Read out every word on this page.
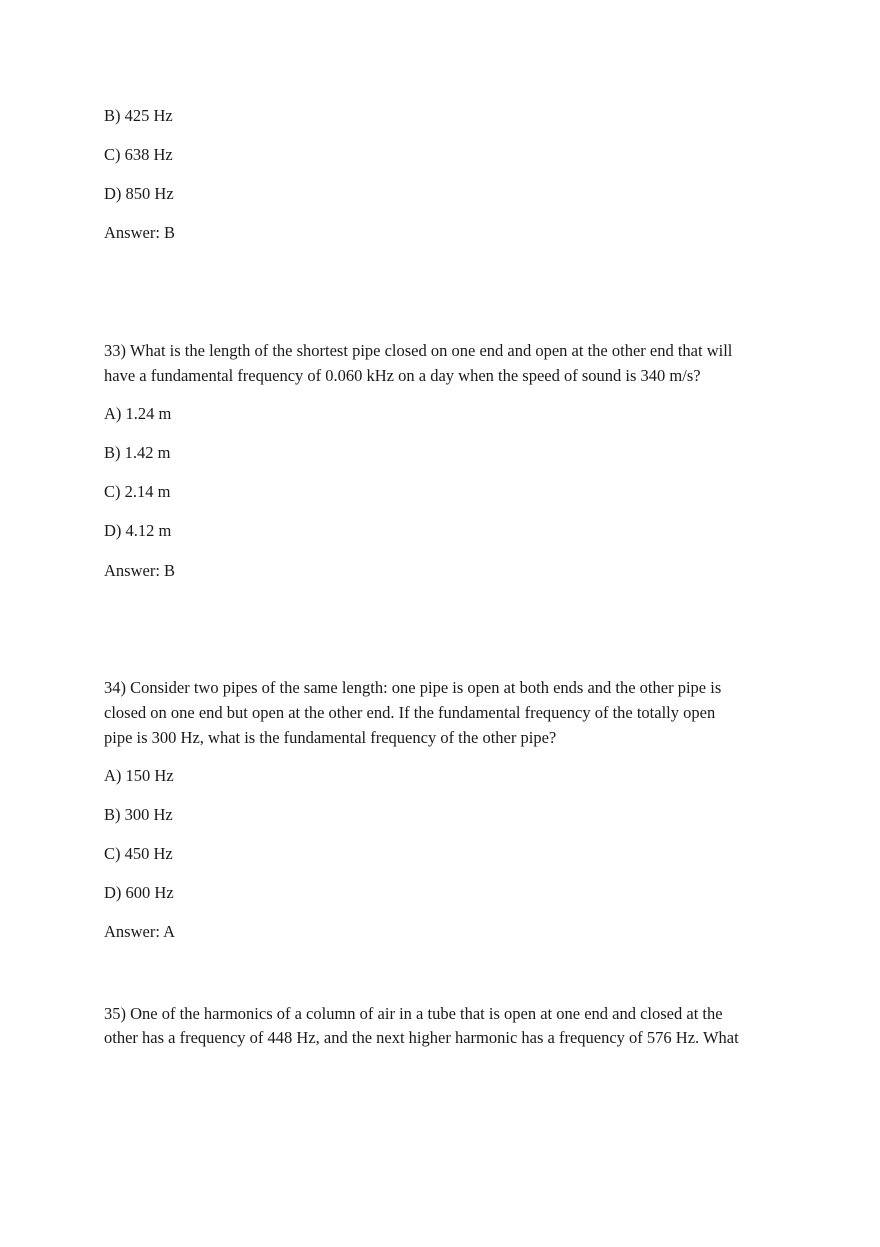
B) 425 Hz
C) 638 Hz
D) 850 Hz
Answer: B
33) What is the length of the shortest pipe closed on one end and open at the other end that will
have a fundamental frequency of 0.060 kHz on a day when the speed of sound is 340 m/s?
A) 1.24 m
B) 1.42 m
C) 2.14 m
D) 4.12 m
Answer: B
34) Consider two pipes of the same length: one pipe is open at both ends and the other pipe is
closed on one end but open at the other end. If the fundamental frequency of the totally open
pipe is 300 Hz, what is the fundamental frequency of the other pipe?
A) 150 Hz
B) 300 Hz
C) 450 Hz
D) 600 Hz
Answer: A
35) One of the harmonics of a column of air in a tube that is open at one end and closed at the
other has a frequency of 448 Hz, and the next higher harmonic has a frequency of 576 Hz. What
